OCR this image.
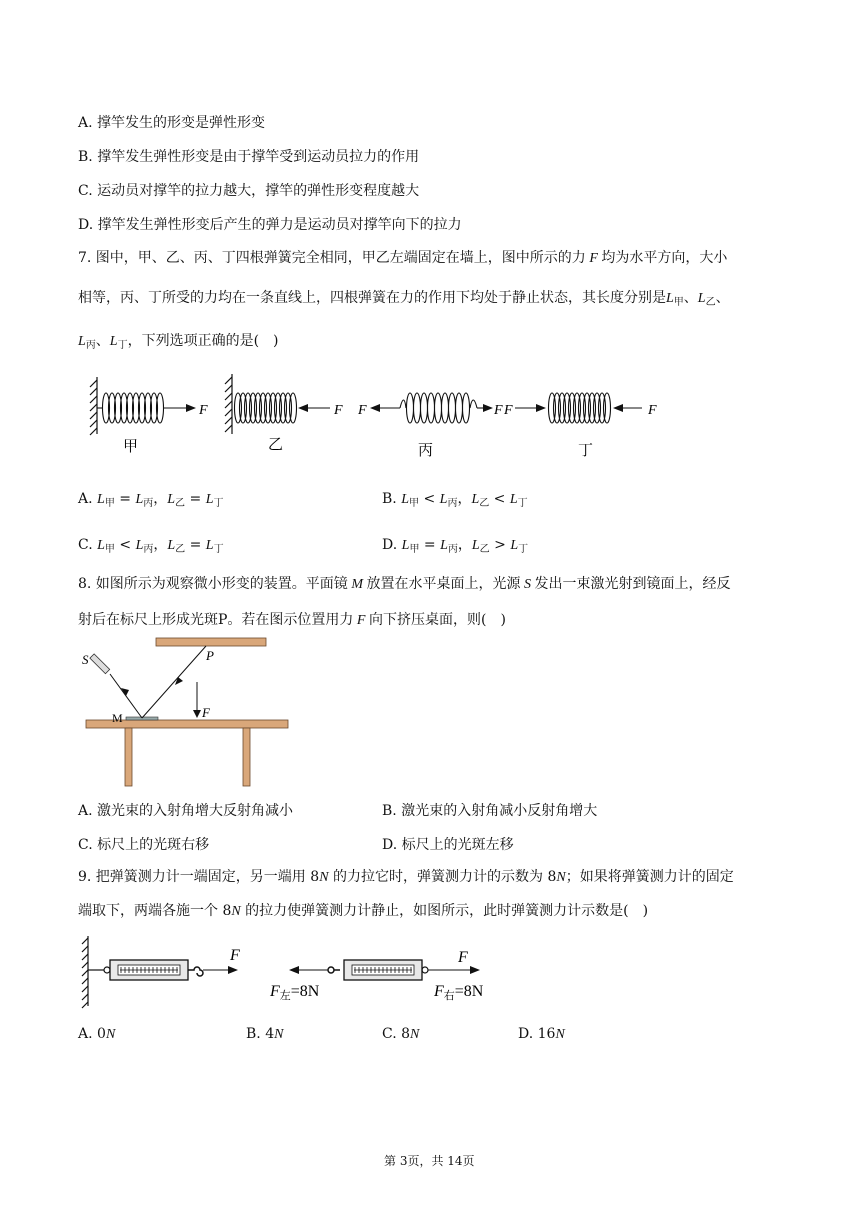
A. 撑竿发生的形变是弹性形变
B. 撑竿发生弹性形变是由于撑竿受到运动员拉力的作用
C. 运动员对撑竿的拉力越大，撑竿的弹性形变程度越大
D. 撑竿发生弹性形变后产生的弹力是运动员对撑竿向下的拉力
7. 图中，甲、乙、丙、丁四根弹簧完全相同，甲乙左端固定在墙上，图中所示的力 F 均为水平方向，大小
相等，丙、丁所受的力均在一条直线上，四根弹簧在力的作用下均处于静止状态，其长度分别是$L_甲$、$L_乙$、
$L_丙$、$L_丁$，下列选项正确的是(　)
F
甲
F
乙
F	F
丙
F	F
丁
A. $L_甲 = L_丙$，$L_乙 = L_丁$	B. $L_甲 < L_丙$，$L_乙 < L_丁$
C. $L_甲 < L_丙$，$L_乙 = L_丁$	D. $L_甲 = L_丙$，$L_乙 > L_丁$
8. 如图所示为观察微小形变的装置。平面镜 M 放置在水平桌面上，光源 S 发出一束激光射到镜面上，经反
射后在标尺上形成光斑P。若在图示位置用力 F 向下挤压桌面，则(　)
S	P
M	F
A. 激光束的入射角增大反射角减小	B. 激光束的入射角减小反射角增大
C. 标尺上的光斑右移	D. 标尺上的光斑左移
9. 把弹簧测力计一端固定，另一端用 8N 的力拉它时，弹簧测力计的示数为 8N；如果将弹簧测力计的固定
端取下，两端各施一个 8N 的拉力使弹簧测力计静止，如图所示，此时弹簧测力计示数是(　)
F	F
F左=8N	F右=8N
A. 0N	B. 4N	C. 8N	D. 16N
第 3页，共 14页
